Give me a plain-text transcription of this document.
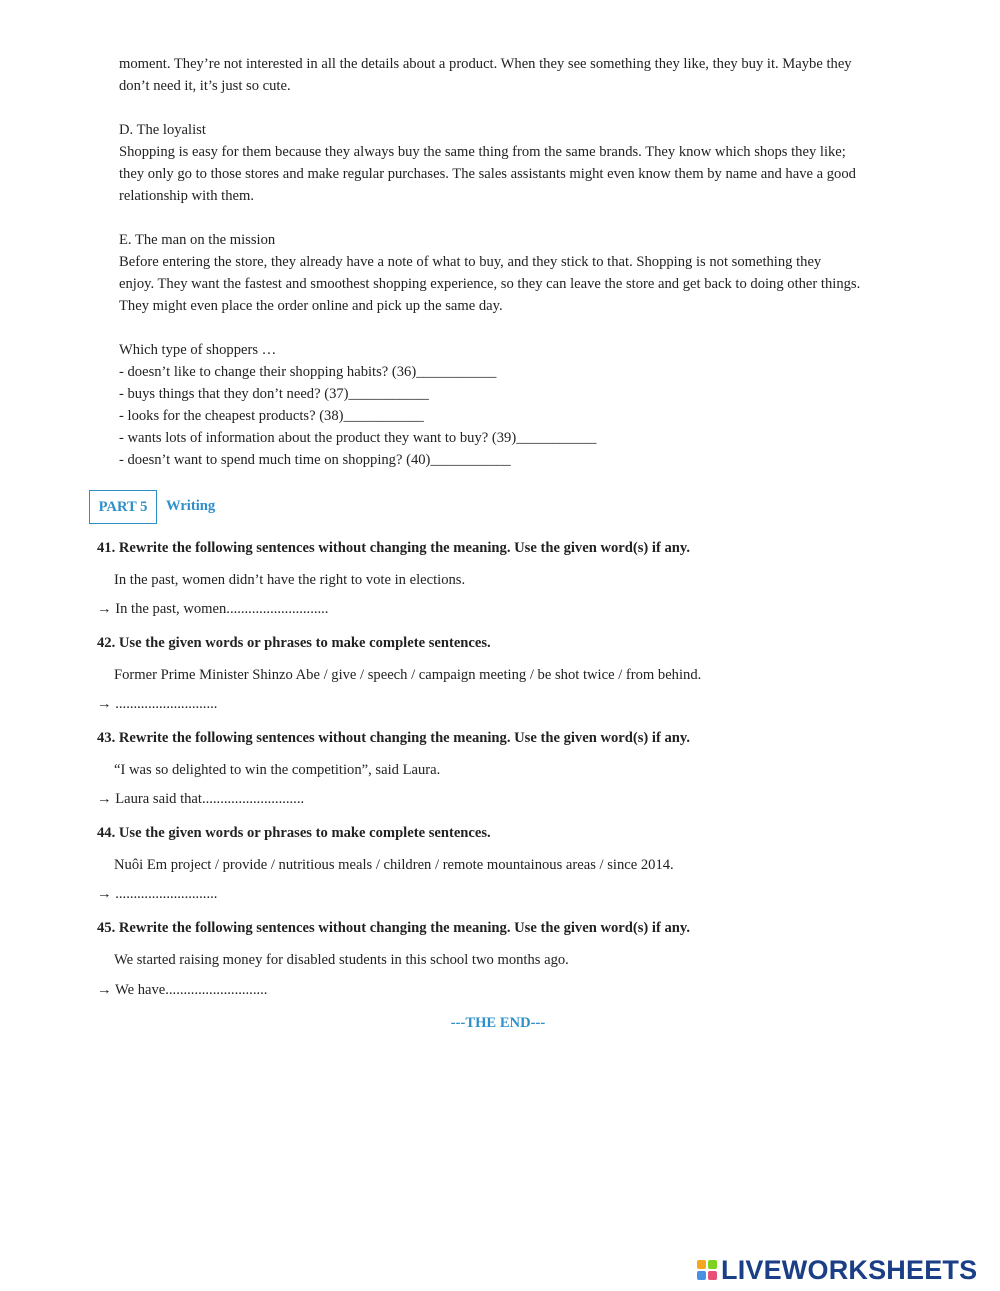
moment. They’re not interested in all the details about a product. When they see something they like, they buy it. Maybe they
don’t need it, it’s just so cute.
D. The loyalist
Shopping is easy for them because they always buy the same thing from the same brands. They know which shops they like;
they only go to those stores and make regular purchases. The sales assistants might even know them by name and have a good
relationship with them.
E. The man on the mission
Before entering the store, they already have a note of what to buy, and they stick to that. Shopping is not something they
enjoy. They want the fastest and smoothest shopping experience, so they can leave the store and get back to doing other things.
They might even place the order online and pick up the same day.
Which type of shoppers …
- doesn’t like to change their shopping habits? (36)___________
- buys things that they don’t need? (37)___________
- looks for the cheapest products? (38)___________
- wants lots of information about the product they want to buy? (39)___________
- doesn’t want to spend much time on shopping? (40)___________
PART 5	Writing
41. Rewrite the following sentences without changing the meaning. Use the given word(s) if any.
In the past, women didn’t have the right to vote in elections.
→ In the past, women............................
42. Use the given words or phrases to make complete sentences.
Former Prime Minister Shinzo Abe / give / speech / campaign meeting / be shot twice / from behind.
→ ............................
43. Rewrite the following sentences without changing the meaning. Use the given word(s) if any.
“I was so delighted to win the competition”, said Laura.
→ Laura said that............................
44. Use the given words or phrases to make complete sentences.
Nuôi Em project / provide / nutritious meals / children / remote mountainous areas / since 2014.
→ ............................
45. Rewrite the following sentences without changing the meaning. Use the given word(s) if any.
We started raising money for disabled students in this school two months ago.
→ We have............................
---THE END---
LIVEWORKSHEETS
